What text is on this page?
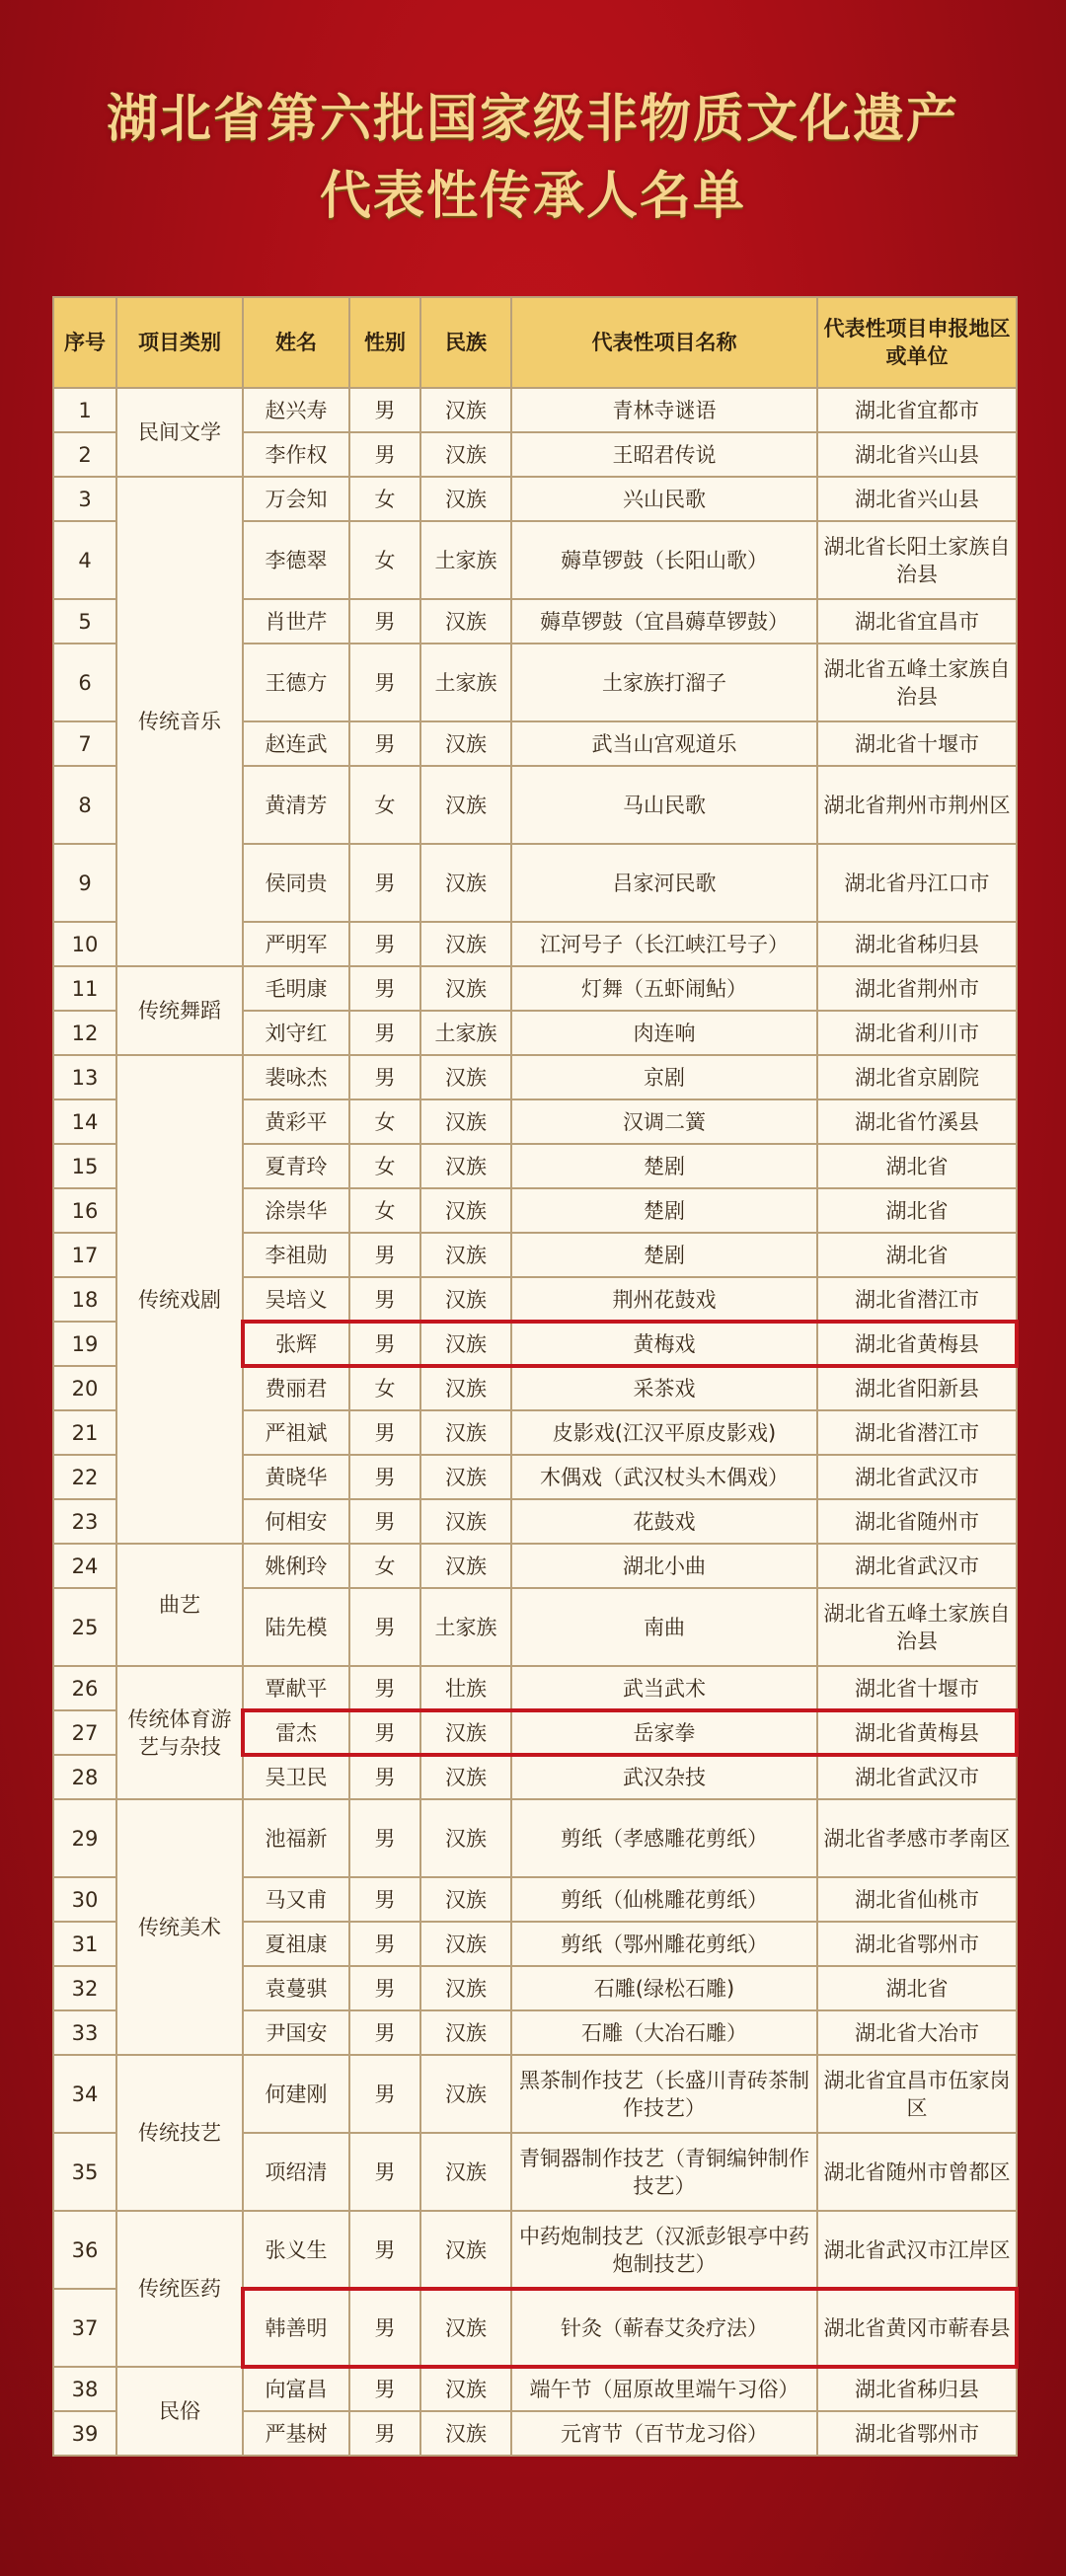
湖北省第六批国家级非物质文化遗产
代表性传承人名单
序号	项目类别	姓名	性别	民族	代表性项目名称	代表性项目申报地区或单位
1	民间文学	赵兴寿	男	汉族	青林寺谜语	湖北省宜都市
2		李作权	男	汉族	王昭君传说	湖北省兴山县
3	传统音乐	万会知	女	汉族	兴山民歌	湖北省兴山县
4		李德翠	女	土家族	薅草锣鼓（长阳山歌）	湖北省长阳土家族自治县
5		肖世芹	男	汉族	薅草锣鼓（宜昌薅草锣鼓）	湖北省宜昌市
6		王德方	男	土家族	土家族打溜子	湖北省五峰土家族自治县
7		赵连武	男	汉族	武当山宫观道乐	湖北省十堰市
8		黄清芳	女	汉族	马山民歌	湖北省荆州市荆州区
9		侯同贵	男	汉族	吕家河民歌	湖北省丹江口市
10		严明军	男	汉族	江河号子（长江峡江号子）	湖北省秭归县
11	传统舞蹈	毛明康	男	汉族	灯舞（五虾闹鲇）	湖北省荆州市
12		刘守红	男	土家族	肉连响	湖北省利川市
13	传统戏剧	裴咏杰	男	汉族	京剧	湖北省京剧院
14		黄彩平	女	汉族	汉调二簧	湖北省竹溪县
15		夏青玲	女	汉族	楚剧	湖北省
16		涂崇华	女	汉族	楚剧	湖北省
17		李祖勋	男	汉族	楚剧	湖北省
18		吴培义	男	汉族	荆州花鼓戏	湖北省潜江市
19		张辉	男	汉族	黄梅戏	湖北省黄梅县
20		费丽君	女	汉族	采茶戏	湖北省阳新县
21		严祖斌	男	汉族	皮影戏(江汉平原皮影戏)	湖北省潜江市
22		黄晓华	男	汉族	木偶戏（武汉杖头木偶戏）	湖北省武汉市
23		何相安	男	汉族	花鼓戏	湖北省随州市
24	曲艺	姚俐玲	女	汉族	湖北小曲	湖北省武汉市
25		陆先模	男	土家族	南曲	湖北省五峰土家族自治县
26	传统体育游艺与杂技	覃献平	男	壮族	武当武术	湖北省十堰市
27		雷杰	男	汉族	岳家拳	湖北省黄梅县
28		吴卫民	男	汉族	武汉杂技	湖北省武汉市
29	传统美术	池福新	男	汉族	剪纸（孝感雕花剪纸）	湖北省孝感市孝南区
30		马又甫	男	汉族	剪纸（仙桃雕花剪纸）	湖北省仙桃市
31		夏祖康	男	汉族	剪纸（鄂州雕花剪纸）	湖北省鄂州市
32		袁蔓骐	男	汉族	石雕(绿松石雕)	湖北省
33		尹国安	男	汉族	石雕（大冶石雕）	湖北省大冶市
34	传统技艺	何建刚	男	汉族	黑茶制作技艺（长盛川青砖茶制作技艺）	湖北省宜昌市伍家岗区
35		项绍清	男	汉族	青铜器制作技艺（青铜编钟制作技艺）	湖北省随州市曾都区
36	传统医药	张义生	男	汉族	中药炮制技艺（汉派彭银亭中药炮制技艺）	湖北省武汉市江岸区
37		韩善明	男	汉族	针灸（蕲春艾灸疗法）	湖北省黄冈市蕲春县
38	民俗	向富昌	男	汉族	端午节（屈原故里端午习俗）	湖北省秭归县
39		严基树	男	汉族	元宵节（百节龙习俗）	湖北省鄂州市
